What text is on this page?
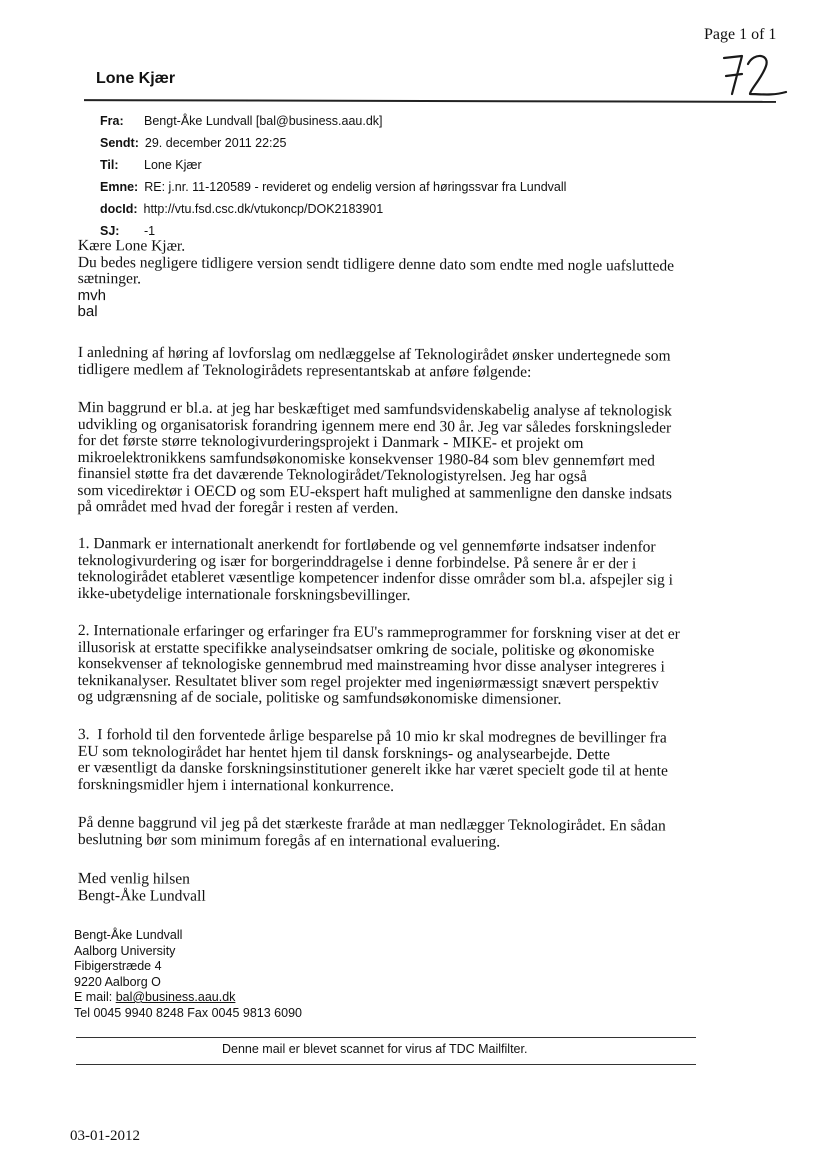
Page 1 of 1
Lone Kjær
Fra:	Bengt-Åke Lundvall [bal@business.aau.dk]
Sendt: 29. december 2011 22:25
Til:	Lone Kjær
Emne: RE: j.nr. 11-120589 - revideret og endelig version af høringssvar fra Lundvall
docId: http://vtu.fsd.csc.dk/vtukoncp/DOK2183901
SJ:	-1

Kære Lone Kjær.

Du bedes negligere tidligere version sendt tidligere denne dato som endte med nogle uafsluttede

sætninger.

mvh

bal

I anledning af høring af lovforslag om nedlæggelse af Teknologirådet ønsker undertegnede som
tidligere medlem af Teknologirådets representantskab at anføre følgende:
Min baggrund er bl.a. at jeg har beskæftiget med samfundsvidenskabelig analyse af teknologisk
udvikling og organisatorisk forandring igennem mere end 30 år. Jeg var således forskningsleder
for det første større teknologivurderingsprojekt i Danmark - MIKE- et projekt om
mikroelektronikkens samfundsøkonomiske konsekvenser 1980-84 som blev gennemført med
finansiel støtte fra det daværende Teknologirådet/Teknologistyrelsen. Jeg har også
som vicedirektør i OECD og som EU-ekspert haft mulighed at sammenligne den danske indsats
på området med hvad der foregår i resten af verden.
1. Danmark er internationalt anerkendt for fortløbende og vel gennemførte indsatser indenfor
teknologivurdering og især for borgerinddragelse i denne forbindelse. På senere år er der i
teknologirådet etableret væsentlige kompetencer indenfor disse områder som bl.a. afspejler sig i
ikke-ubetydelige internationale forskningsbevillinger.
2. Internationale erfaringer og erfaringer fra EU's rammeprogrammer for forskning viser at det er
illusorisk at erstatte specifikke analyseindsatser omkring de sociale, politiske og økonomiske
konsekvenser af teknologiske gennembrud med mainstreaming hvor disse analyser integreres i
teknikanalyser. Resultatet bliver som regel projekter med ingeniørmæssigt snævert perspektiv
og udgrænsning af de sociale, politiske og samfundsøkonomiske dimensioner.
3.  I forhold til den forventede årlige besparelse på 10 mio kr skal modregnes de bevillinger fra
EU som teknologirådet har hentet hjem til dansk forsknings- og analysearbejde. Dette
er væsentligt da danske forskningsinstitutioner generelt ikke har været specielt gode til at hente
forskningsmidler hjem i international konkurrence.
På denne baggrund vil jeg på det stærkeste fraråde at man nedlægger Teknologirådet. En sådan
beslutning bør som minimum foregås af en international evaluering.

Med venlig hilsen

Bengt-Åke Lundvall

Bengt-Åke Lundvall
Aalborg University
Fibigerstræde 4
9220 Aalborg O
E mail: bal@business.aau.dk
Tel 0045 9940 8248 Fax 0045 9813 6090
Denne mail er blevet scannet for virus af TDC Mailfilter.
03-01-2012
